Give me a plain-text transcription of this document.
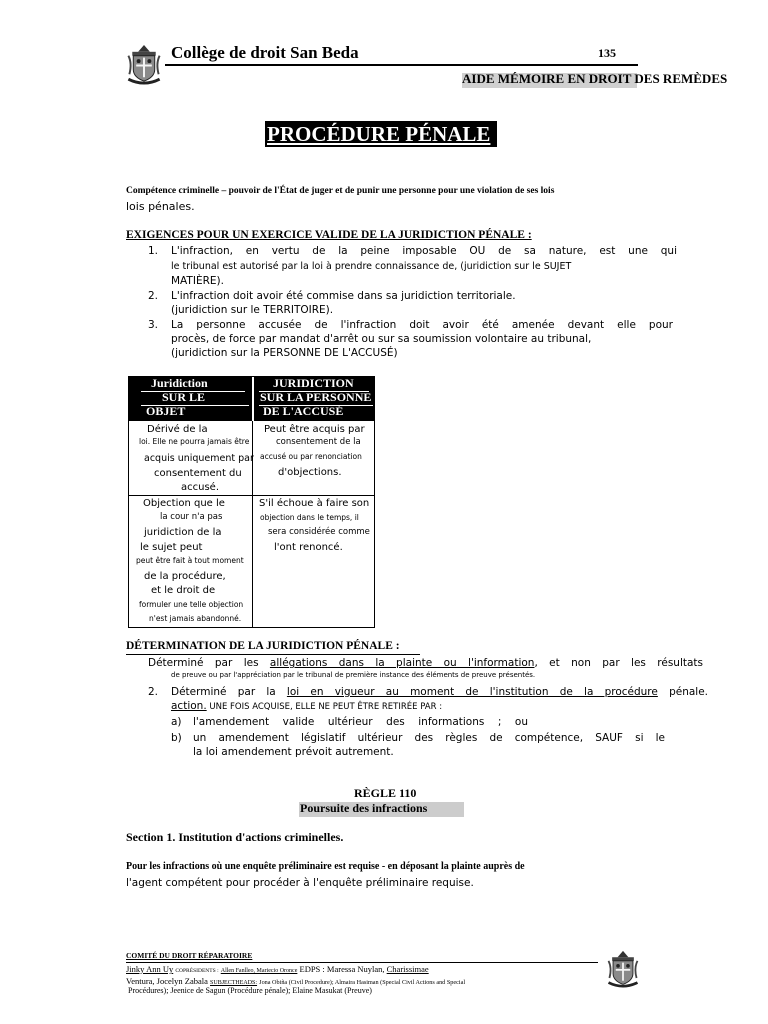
Collège de droit San Beda	135
AIDE MÉMOIRE EN DROIT DES REMÈDES
PROCÉDURE PÉNALE
Compétence criminelle – pouvoir de l'État de juger et de punir une personne pour une violation de ses lois
lois pénales.
EXIGENCES POUR UN EXERCICE VALIDE DE LA JURIDICTION PÉNALE :
1. L'infraction, en vertu de la peine imposable OU de sa nature, est une qui
le tribunal est autorisé par la loi à prendre connaissance de, (juridiction sur le SUJET
MATIÈRE).
2. L'infraction doit avoir été commise dans sa juridiction territoriale.
(juridiction sur le TERRITOIRE).
3. La personne accusée de l'infraction doit avoir été amenée devant elle pour
procès, de force par mandat d'arrêt ou sur sa soumission volontaire au tribunal,
(juridiction sur la PERSONNE DE L'ACCUSÉ)
Juridiction
SUR LE
OBJET
JURIDICTION
SUR LA PERSONNE
DE L'ACCUSÉ
Dérivé de la
loi. Elle ne pourra jamais être
acquis uniquement par
consentement du
accusé.
Peut être acquis par
consentement de la
accusé ou par renonciation
d'objections.
Objection que le
la cour n'a pas
juridiction de la
le sujet peut
peut être fait à tout moment
de la procédure,
et le droit de
formuler une telle objection
n'est jamais abandonné.
S'il échoue à faire son
objection dans le temps, il
sera considérée comme
l'ont renoncé.
DÉTERMINATION DE LA JURIDICTION PÉNALE :
Déterminé par les allégations dans la plainte ou l'information, et non par les résultats
de preuve ou par l'appréciation par le tribunal de première instance des éléments de preuve présentés.
2. Déterminé par la loi en vigueur au moment de l'institution de la procédure pénale.
action. UNE FOIS ACQUISE, ELLE NE PEUT ÊTRE RETIRÉE PAR :
a) l'amendement valide ultérieur des informations ; ou
b) un amendement législatif ultérieur des règles de compétence, SAUF si le
la loi amendement prévoit autrement.
RÈGLE 110
Poursuite des infractions
Section 1. Institution d'actions criminelles.
Pour les infractions où une enquête préliminaire est requise - en déposant la plainte auprès de
l'agent compétent pour procéder à l'enquête préliminaire requise.
COMITÉ DU DROIT RÉPARATOIRE
Jinky Ann Uy COPRÉSIDENTS : Allen Fanlleo, Mariecio Oronce EDPS : Maressa Nuylan, Charissimae
Ventura, Jocelyn Zabala SUBJECTHEADS: Jona Obiña (Civil Procedure); Almaira Hasiman (Special Civil Actions and Special
Procédures); Jeenice de Sagun (Procédure pénale); Elaine Masukat (Preuve)
